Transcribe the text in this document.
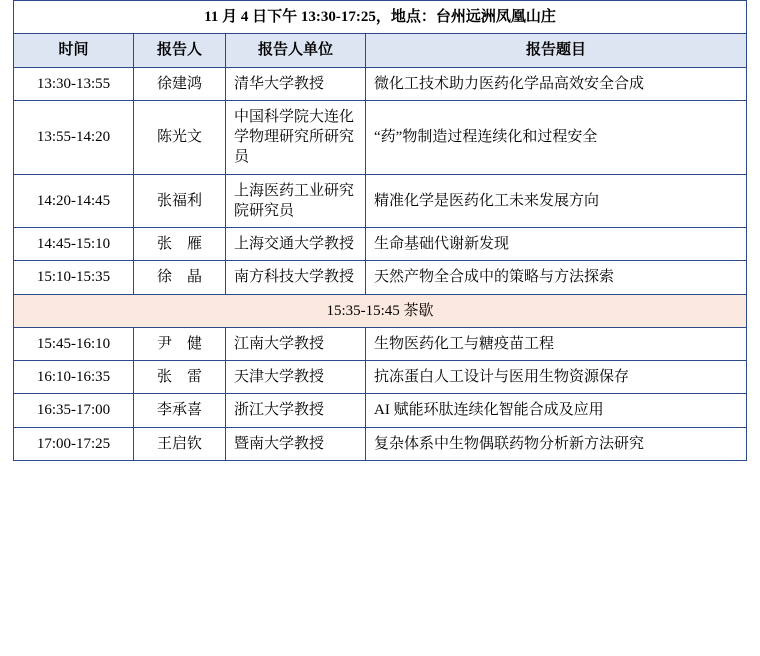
11 月 4 日下午 13:30-17:25，地点：台州远洲凤凰山庄			
时间	报告人	报告人单位	报告题目
13:30-13:55	徐建鸿	清华大学教授	微化工技术助力医药化学品高效安全合成
13:55-14:20	陈光文	中国科学院大连化学物理研究所研究员	“药”物制造过程连续化和过程安全
14:20-14:45	张福利	上海医药工业研究院研究员	精准化学是医药化工未来发展方向
14:45-15:10	张　雁	上海交通大学教授	生命基础代谢新发现
15:10-15:35	徐　晶	南方科技大学教授	天然产物全合成中的策略与方法探索
15:35-15:45 茶歇			
15:45-16:10	尹　健	江南大学教授	生物医药化工与糖疫苗工程
16:10-16:35	张　雷	天津大学教授	抗冻蛋白人工设计与医用生物资源保存
16:35-17:00	李承喜	浙江大学教授	AI 赋能环肽连续化智能合成及应用
17:00-17:25	王启钦	暨南大学教授	复杂体系中生物偶联药物分析新方法研究
